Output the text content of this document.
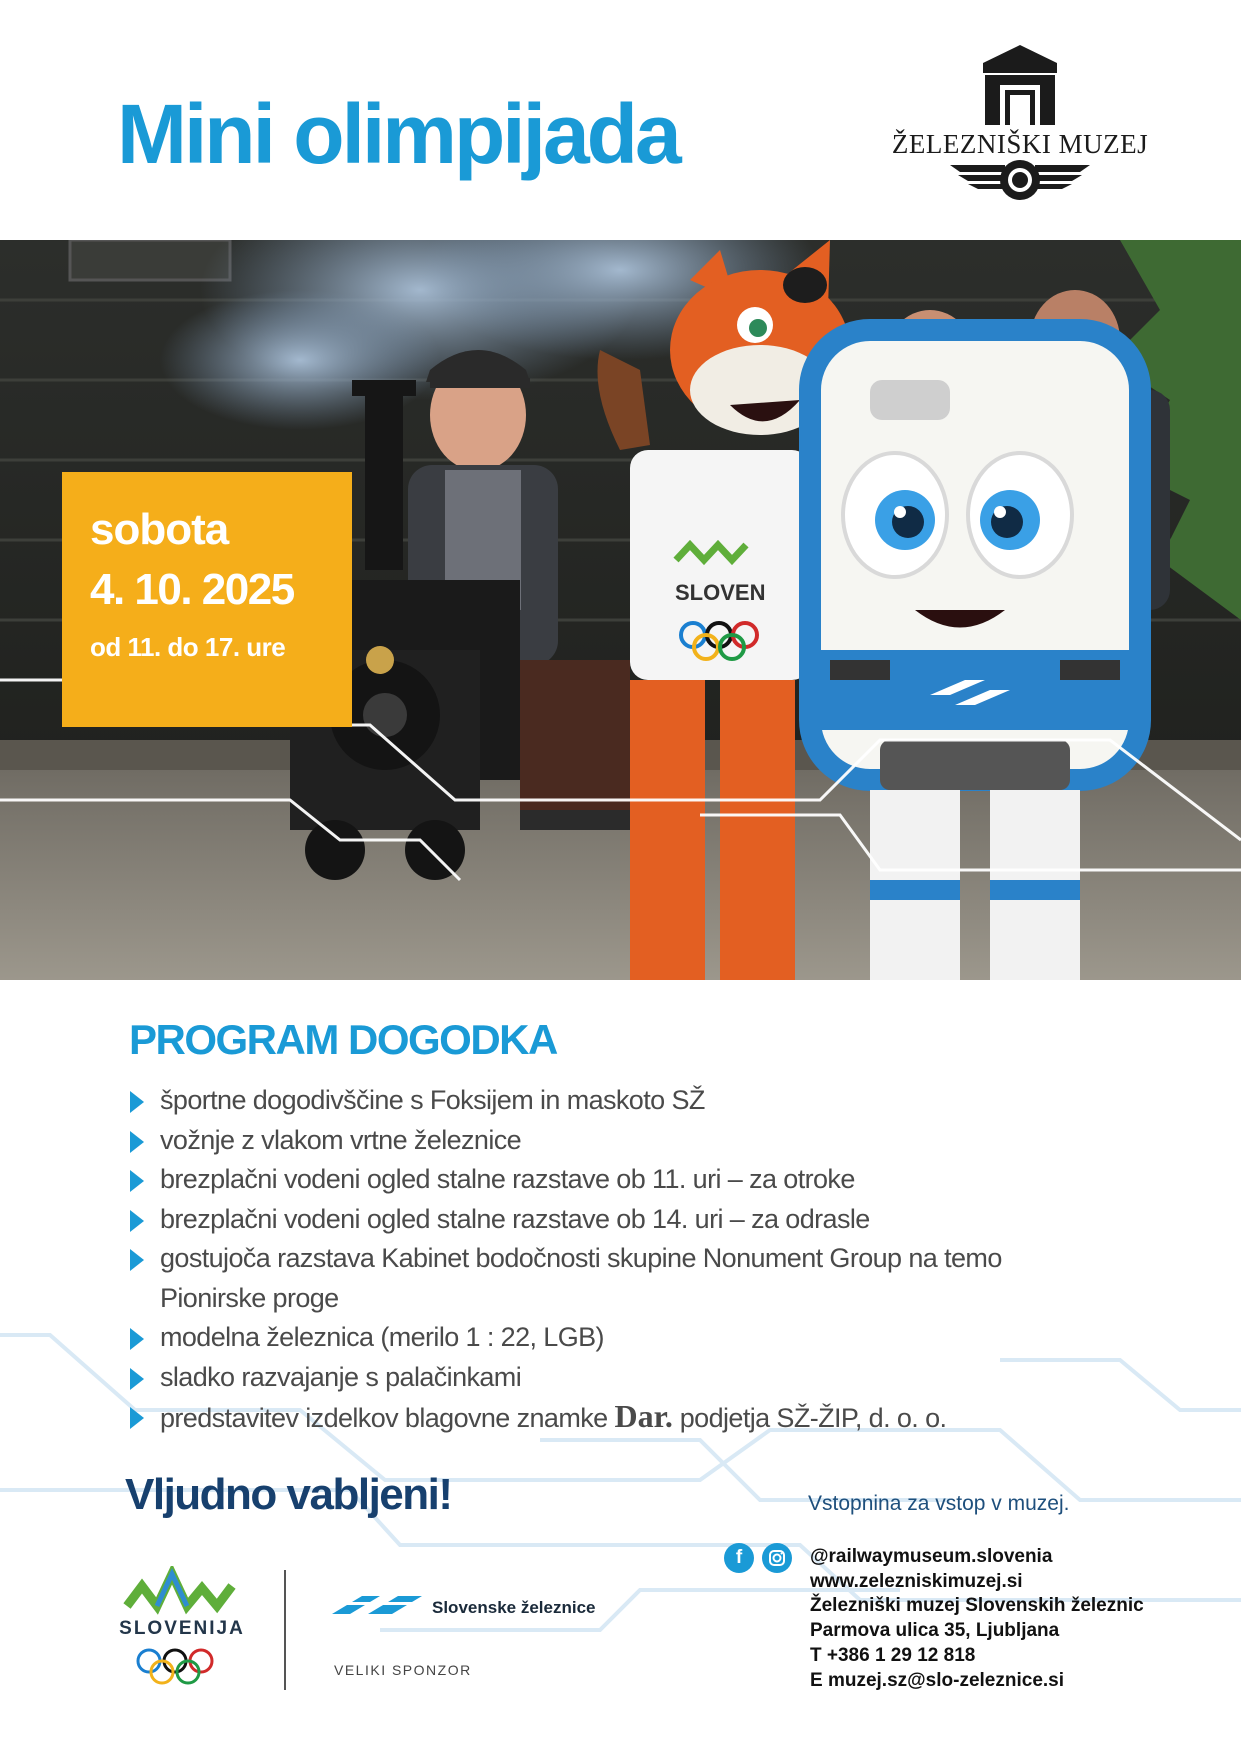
Mini olimpijada	ŽELEZNIŠKI MUZEJ
SLOVEN
sobota
4. 10. 2025
od 11. do 17. ure
PROGRAM DOGODKA
športne dogodivščine s Foksijem in maskoto SŽ
vožnje z vlakom vrtne železnice
brezplačni vodeni ogled stalne razstave ob 11. uri – za otroke
brezplačni vodeni ogled stalne razstave ob 14. uri – za odrasle
gostujoča razstava Kabinet bodočnosti skupine Nonument Group na temo Pionirske proge
modelna železnica (merilo 1 : 22, LGB)
sladko razvajanje s palačinkami
predstavitev izdelkov blagovne znamke Dar. podjetja SŽ-ŽIP, d. o. o.
Vljudno vabljeni!	Vstopnina za vstop v muzej.
f	@railwaymuseum.slovenia
www.zelezniskimuzej.si
Železniški muzej Slovenskih železnic
Parmova ulica 35, Ljubljana
T +386 1 29 12 818
E muzej.sz@slo-zeleznice.si
SLOVENIJA
Slovenske železnice
VELIKI SPONZOR
